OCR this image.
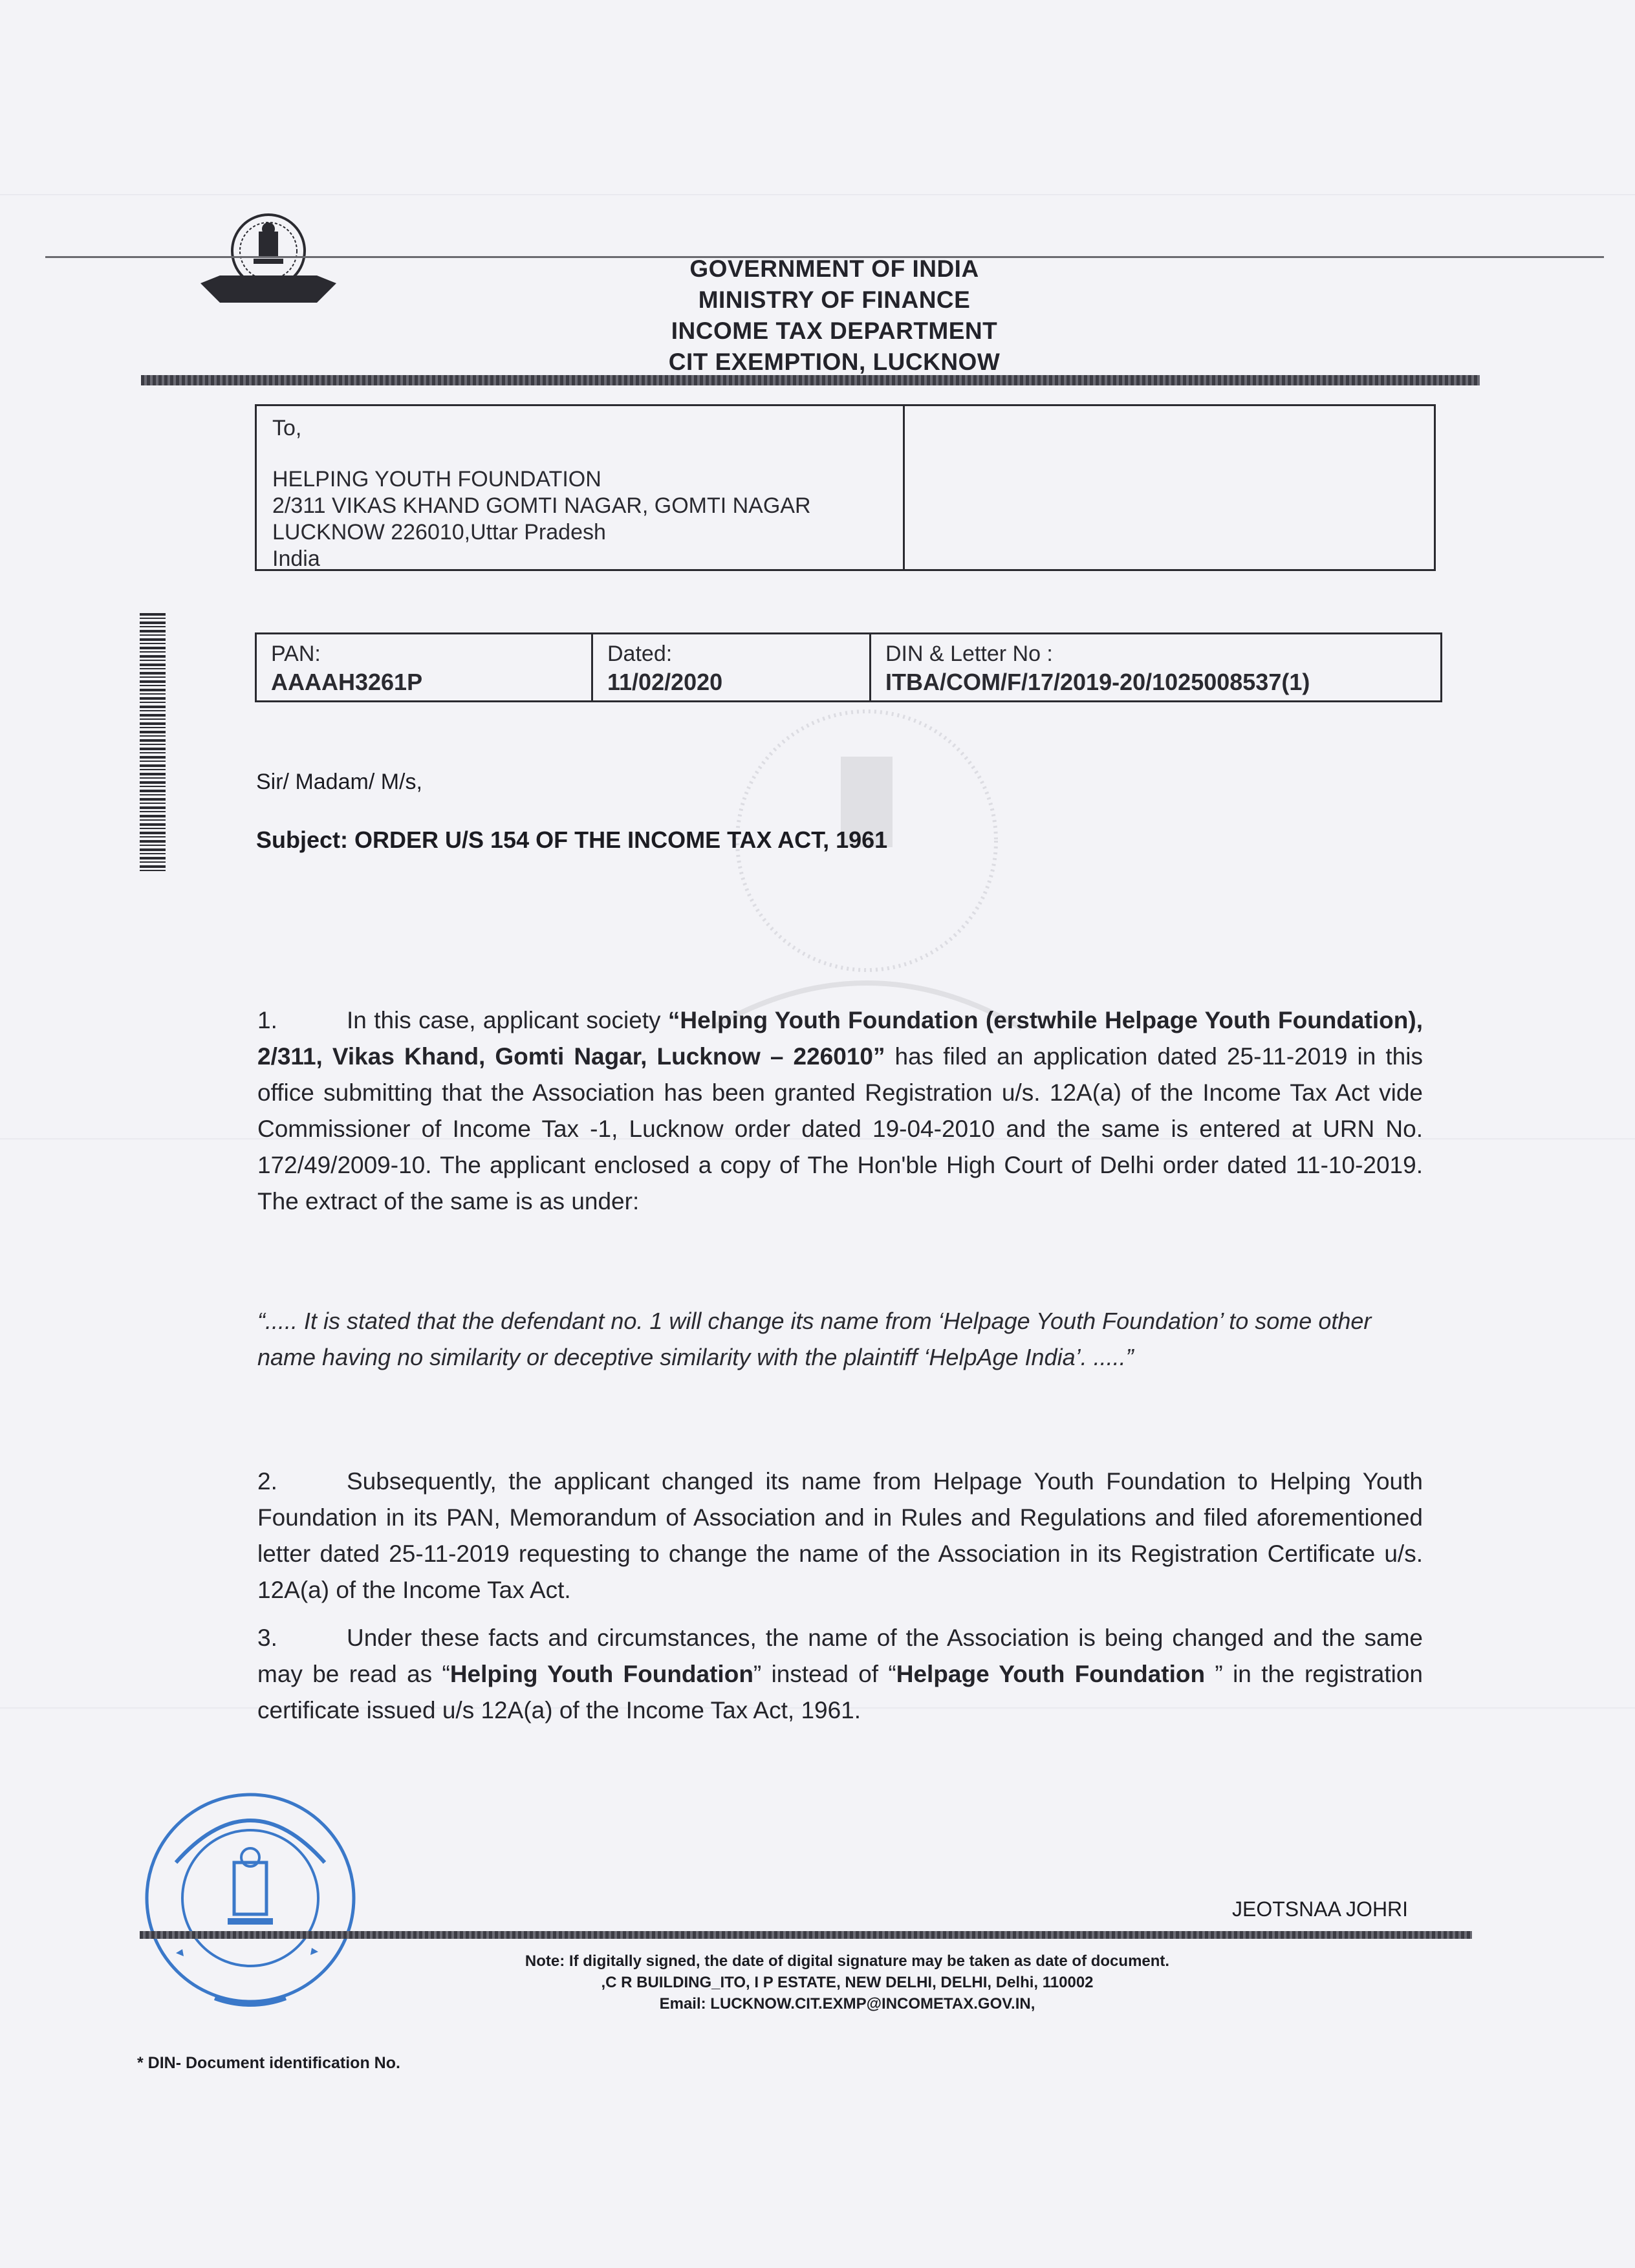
GOVERNMENT OF INDIA
MINISTRY OF FINANCE
INCOME TAX DEPARTMENT
CIT EXEMPTION, LUCKNOW
To,
HELPING YOUTH FOUNDATION
2/311 VIKAS KHAND GOMTI NAGAR, GOMTI NAGAR
LUCKNOW 226010,Uttar Pradesh
India
PAN:
AAAAH3261P
Dated:
11/02/2020
DIN & Letter No :
ITBA/COM/F/17/2019-20/1025008537(1)
Sir/ Madam/ M/s,
Subject: ORDER U/S 154 OF THE INCOME TAX ACT, 1961
1.	In this case, applicant society “Helping Youth Foundation (erstwhile Helpage Youth Foundation), 2/311, Vikas Khand, Gomti Nagar, Lucknow – 226010” has filed an application dated 25-11-2019 in this office submitting that the Association has been granted Registration u/s. 12A(a) of the Income Tax Act vide Commissioner of Income Tax -1, Lucknow order dated 19-04-2010 and the same is entered at URN No. 172/49/2009-10. The applicant enclosed a copy of The Hon'ble High Court of Delhi order dated 11-10-2019. The extract of the same is as under:
“..... It is stated that the defendant no. 1 will change its name from ‘Helpage Youth Foundation’ to some other name having no similarity or deceptive similarity with the plaintiff ‘HelpAge India’. .....”
2.	Subsequently, the applicant changed its name from Helpage Youth Foundation to Helping Youth Foundation in its PAN, Memorandum of Association and in Rules and Regulations and filed aforementioned letter dated 25-11-2019 requesting to change the name of the Association in its Registration Certificate u/s. 12A(a) of the Income Tax Act.
3.	Under these facts and circumstances, the name of the Association is being changed and the same may be read as “Helping Youth Foundation” instead of “Helpage Youth Foundation ” in the registration certificate issued u/s 12A(a) of the Income Tax Act, 1961.
JEOTSNAA JOHRI
Note: If digitally signed, the date of digital signature may be taken as date of document.
,C R BUILDING_ITO, I P ESTATE, NEW DELHI, DELHI, Delhi, 110002
Email: LUCKNOW.CIT.EXMP@INCOMETAX.GOV.IN,
* DIN- Document identification No.
